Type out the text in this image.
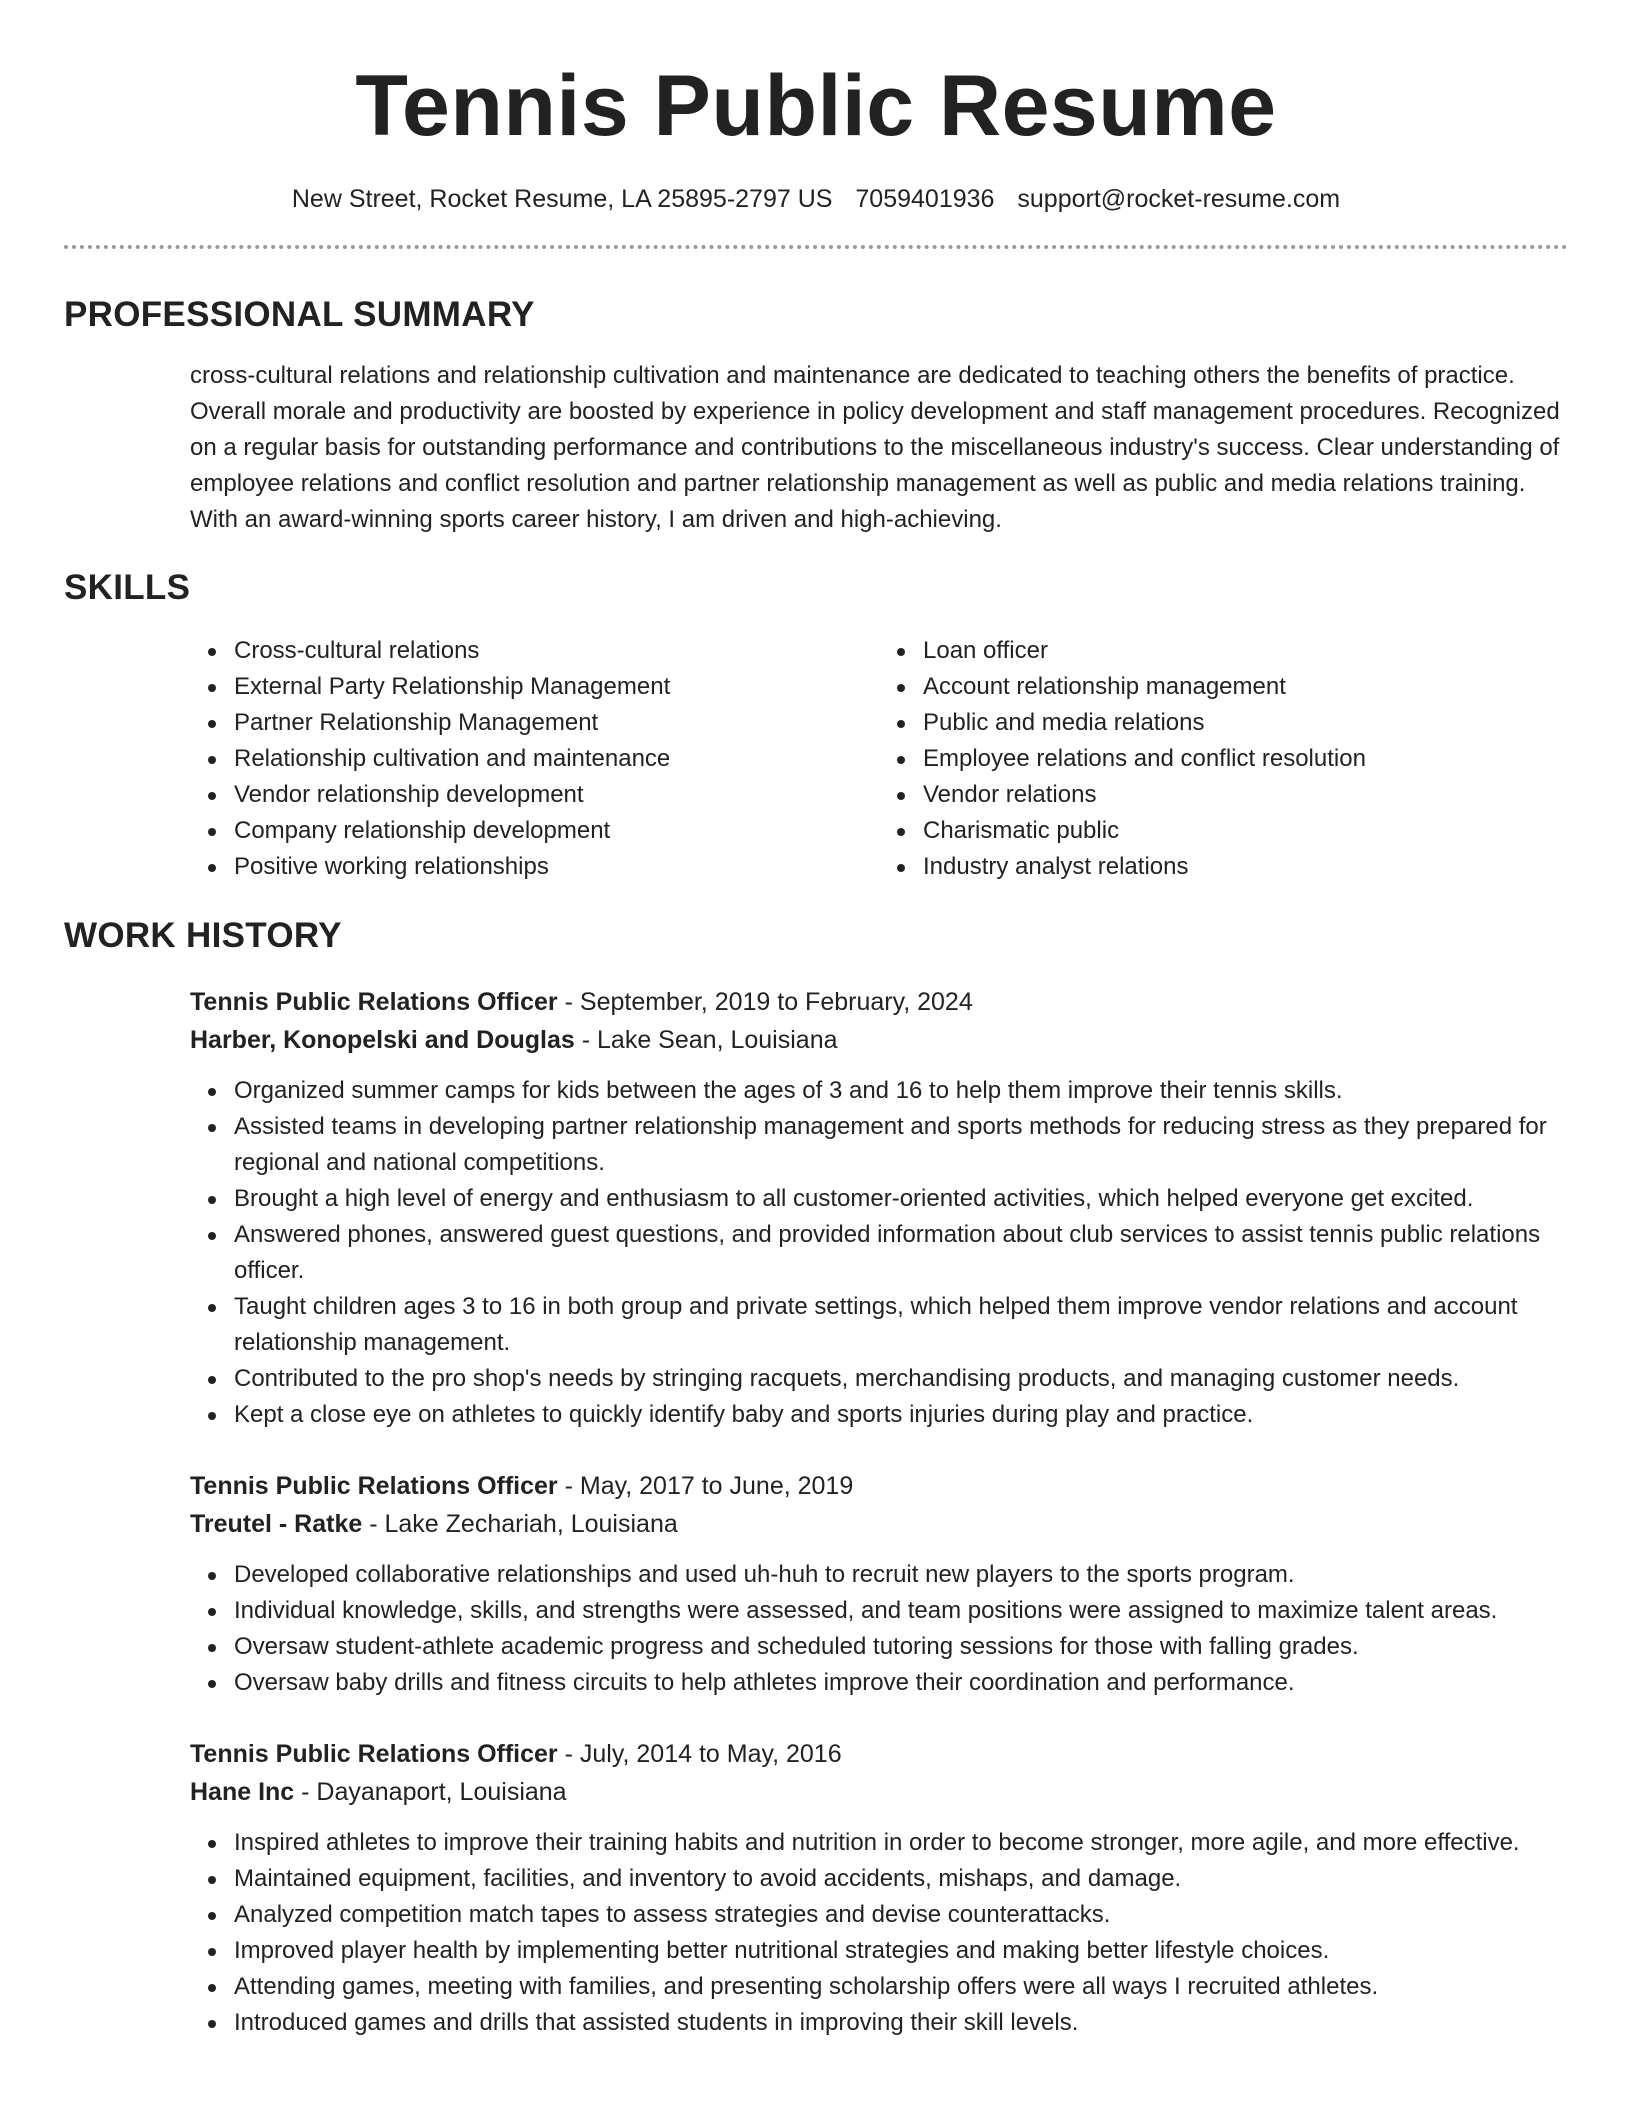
Tennis Public Resume
New Street, Rocket Resume, LA 25895-2797 US 7059401936 support@rocket-resume.com
PROFESSIONAL SUMMARY

cross-cultural relations and relationship cultivation and maintenance are dedicated to teaching others the benefits of practice. Overall morale and productivity are boosted by experience in policy development and staff management procedures. Recognized on a regular basis for outstanding performance and contributions to the miscellaneous industry's success. Clear understanding of employee relations and conflict resolution and partner relationship management as well as public and media relations training. With an award-winning sports career history, I am driven and high-achieving.

SKILLS
Cross-cultural relations
External Party Relationship Management
Partner Relationship Management
Relationship cultivation and maintenance
Vendor relationship development
Company relationship development
Positive working relationships
Loan officer
Account relationship management
Public and media relations
Employee relations and conflict resolution
Vendor relations
Charismatic public
Industry analyst relations
WORK HISTORY
Tennis Public Relations Officer - September, 2019 to February, 2024
Harber, Konopelski and Douglas - Lake Sean, Louisiana
Organized summer camps for kids between the ages of 3 and 16 to help them improve their tennis skills.
Assisted teams in developing partner relationship management and sports methods for reducing stress as they prepared for regional and national competitions.
Brought a high level of energy and enthusiasm to all customer-oriented activities, which helped everyone get excited.
Answered phones, answered guest questions, and provided information about club services to assist tennis public relations officer.
Taught children ages 3 to 16 in both group and private settings, which helped them improve vendor relations and account relationship management.
Contributed to the pro shop's needs by stringing racquets, merchandising products, and managing customer needs.
Kept a close eye on athletes to quickly identify baby and sports injuries during play and practice.
Tennis Public Relations Officer - May, 2017 to June, 2019
Treutel - Ratke - Lake Zechariah, Louisiana
Developed collaborative relationships and used uh-huh to recruit new players to the sports program.
Individual knowledge, skills, and strengths were assessed, and team positions were assigned to maximize talent areas.
Oversaw student-athlete academic progress and scheduled tutoring sessions for those with falling grades.
Oversaw baby drills and fitness circuits to help athletes improve their coordination and performance.
Tennis Public Relations Officer - July, 2014 to May, 2016
Hane Inc - Dayanaport, Louisiana
Inspired athletes to improve their training habits and nutrition in order to become stronger, more agile, and more effective.
Maintained equipment, facilities, and inventory to avoid accidents, mishaps, and damage.
Analyzed competition match tapes to assess strategies and devise counterattacks.
Improved player health by implementing better nutritional strategies and making better lifestyle choices.
Attending games, meeting with families, and presenting scholarship offers were all ways I recruited athletes.
Introduced games and drills that assisted students in improving their skill levels.
